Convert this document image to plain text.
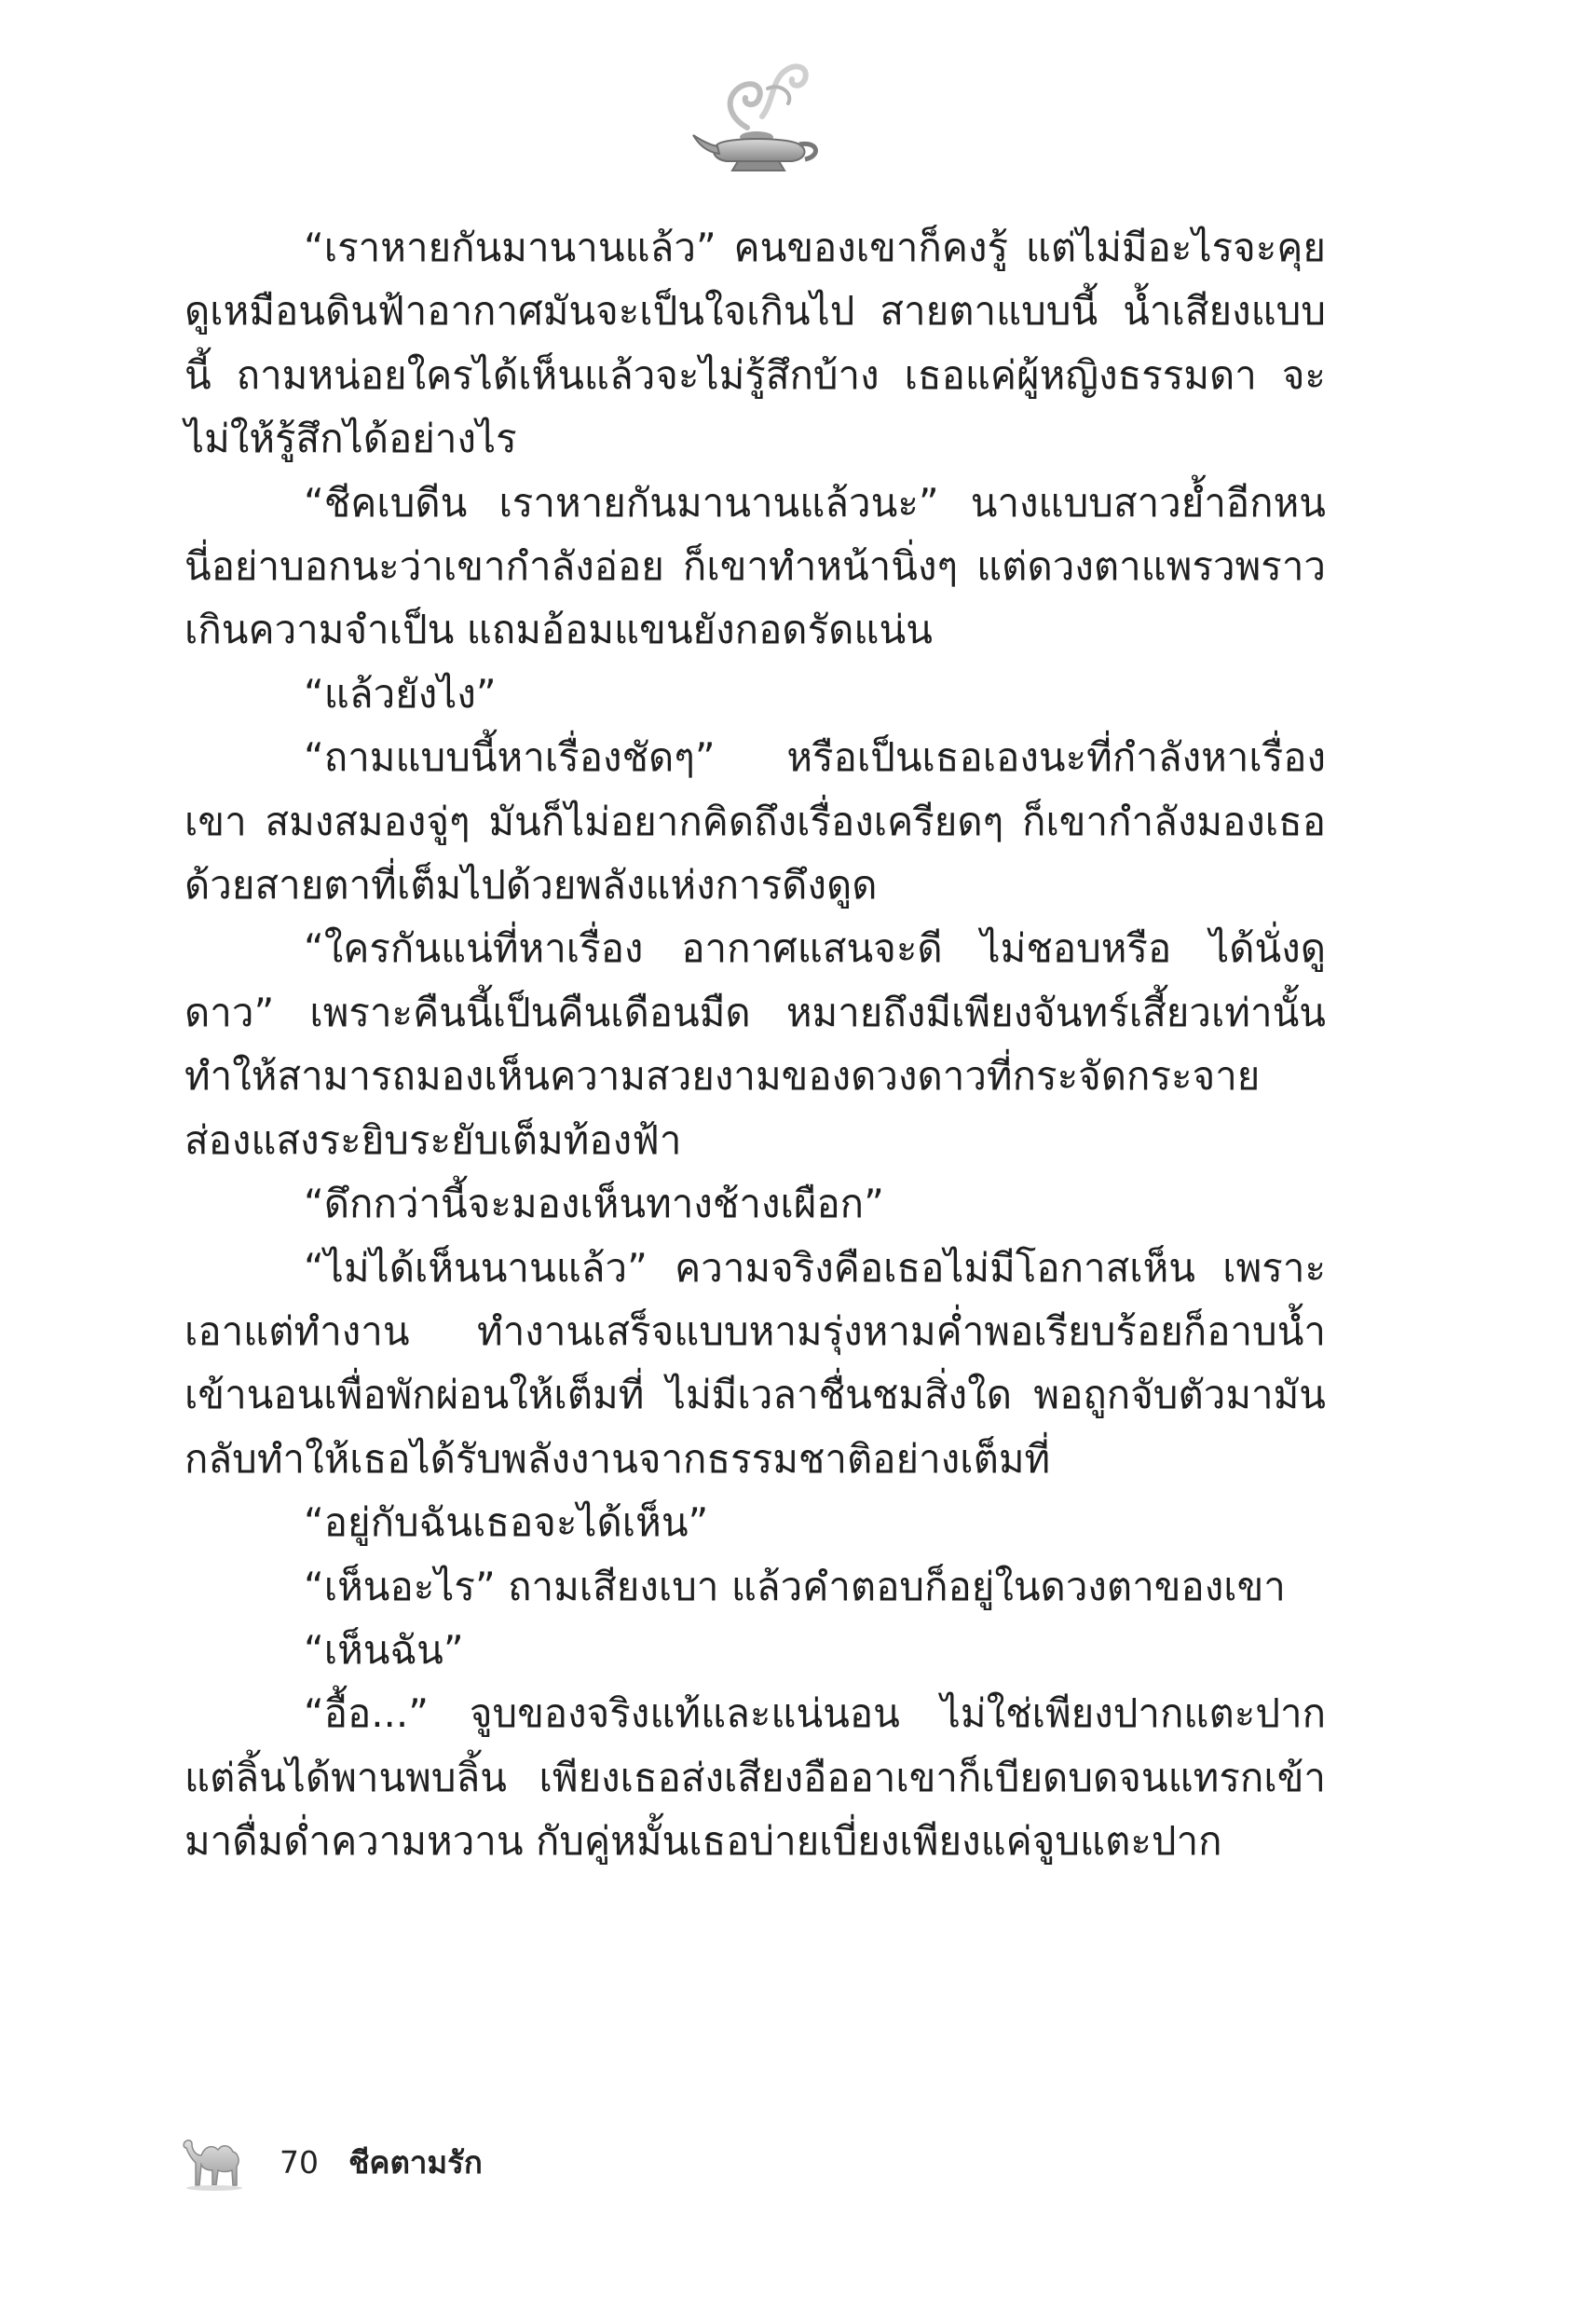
“เราหายกันมานานแล้ว” คนของเขาก็คงรู้ แต่ไม่มีอะไรจะคุย ดูเหมือนดินฟ้าอากาศมันจะเป็นใจเกินไป สายตาแบบนี้ น้ำเสียงแบบนี้ ถามหน่อยใครได้เห็นแล้วจะไม่รู้สึกบ้าง เธอแค่ผู้หญิงธรรมดา จะไม่ให้รู้สึกได้อย่างไร

“ชีคเบดีน เราหายกันมานานแล้วนะ” นางแบบสาวย้ำอีกหน นี่อย่าบอกนะว่าเขากำลังอ่อย ก็เขาทำหน้านิ่งๆ แต่ดวงตาแพรวพราวเกินความจำเป็น แถมอ้อมแขนยังกอดรัดแน่น

“แล้วยังไง”

“ถามแบบนี้หาเรื่องชัดๆ” หรือเป็นเธอเองนะที่กำลังหาเรื่องเขา สมงสมองจู่ๆ มันก็ไม่อยากคิดถึงเรื่องเครียดๆ ก็เขากำลังมองเธอด้วยสายตาที่เต็มไปด้วยพลังแห่งการดึงดูด

“ใครกันแน่ที่หาเรื่อง อากาศแสนจะดี ไม่ชอบหรือ ได้นั่งดูดาว” เพราะคืนนี้เป็นคืนเดือนมืด หมายถึงมีเพียงจันทร์เสี้ยวเท่านั้น ทำให้สามารถมองเห็นความสวยงามของดวงดาวที่กระจัดกระจายส่องแสงระยิบระยับเต็มท้องฟ้า

“ดึกกว่านี้จะมองเห็นทางช้างเผือก”

“ไม่ได้เห็นนานแล้ว” ความจริงคือเธอไม่มีโอกาสเห็น เพราะเอาแต่ทำงาน ทำงานเสร็จแบบหามรุ่งหามค่ำพอเรียบร้อยก็อาบน้ำเข้านอนเพื่อพักผ่อนให้เต็มที่ ไม่มีเวลาชื่นชมสิ่งใด พอถูกจับตัวมามันกลับทำให้เธอได้รับพลังงานจากธรรมชาติอย่างเต็มที่

“อยู่กับฉันเธอจะได้เห็น”

“เห็นอะไร” ถามเสียงเบา แล้วคำตอบก็อยู่ในดวงตาของเขา

“เห็นฉัน”

“อื้อ...” จูบของจริงแท้และแน่นอน ไม่ใช่เพียงปากแตะปาก แต่ลิ้นได้พานพบลิ้น เพียงเธอส่งเสียงอืออาเขาก็เบียดบดจนแทรกเข้ามาดื่มด่ำความหวาน กับคู่หมั้นเธอบ่ายเบี่ยงเพียงแค่จูบแตะปาก

70 ชีคตามรัก
